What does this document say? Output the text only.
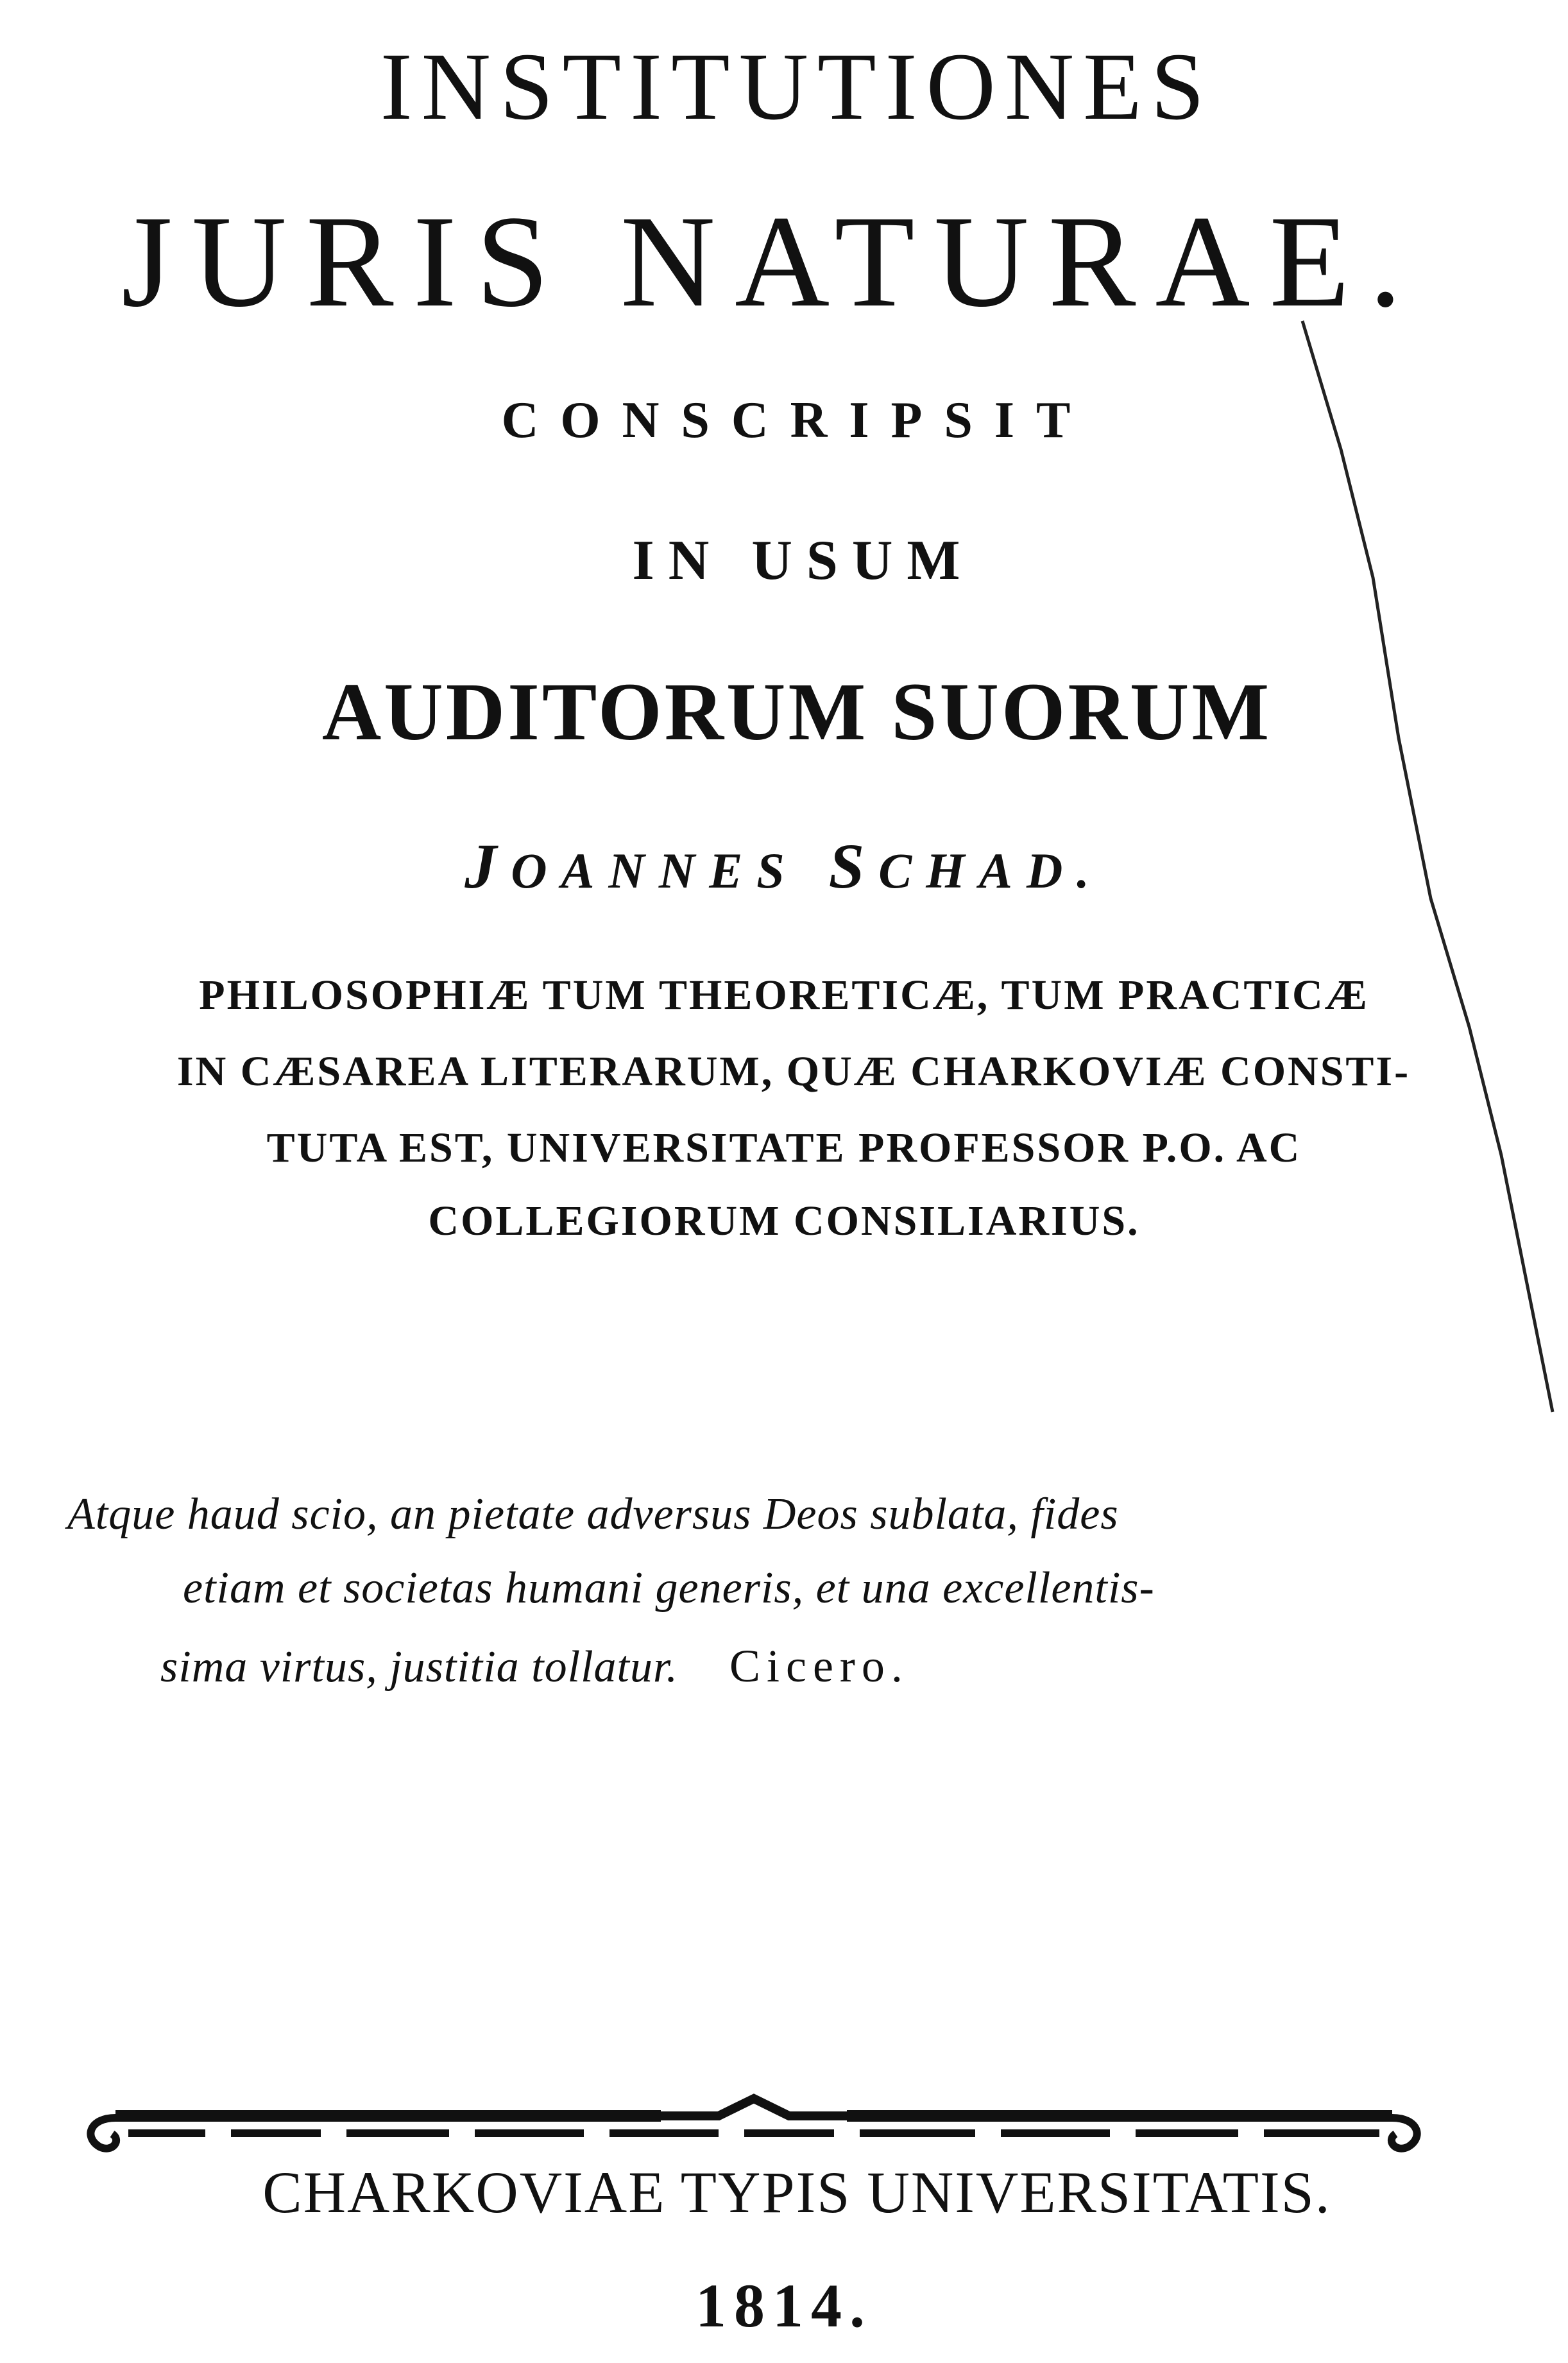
INSTITUTIONES
JURIS NATURAE.
CONSCRIPSIT
IN USUM
AUDITORUM SUORUM
JOANNES SCHAD.
PHILOSOPHIÆ TUM THEORETICÆ, TUM PRACTICÆ
IN CÆSAREA LITERARUM, QUÆ CHARKOVIÆ CONSTI-
TUTA EST, UNIVERSITATE PROFESSOR P.O. AC
COLLEGIORUM CONSILIARIUS.
Atque haud scio, an pietate adversus Deos sublata, fides
etiam et societas humani generis, et una excellentis-
sima virtus, justitia tollatur. Cicero.
CHARKOVIAE TYPIS UNIVERSITATIS.
1814.
